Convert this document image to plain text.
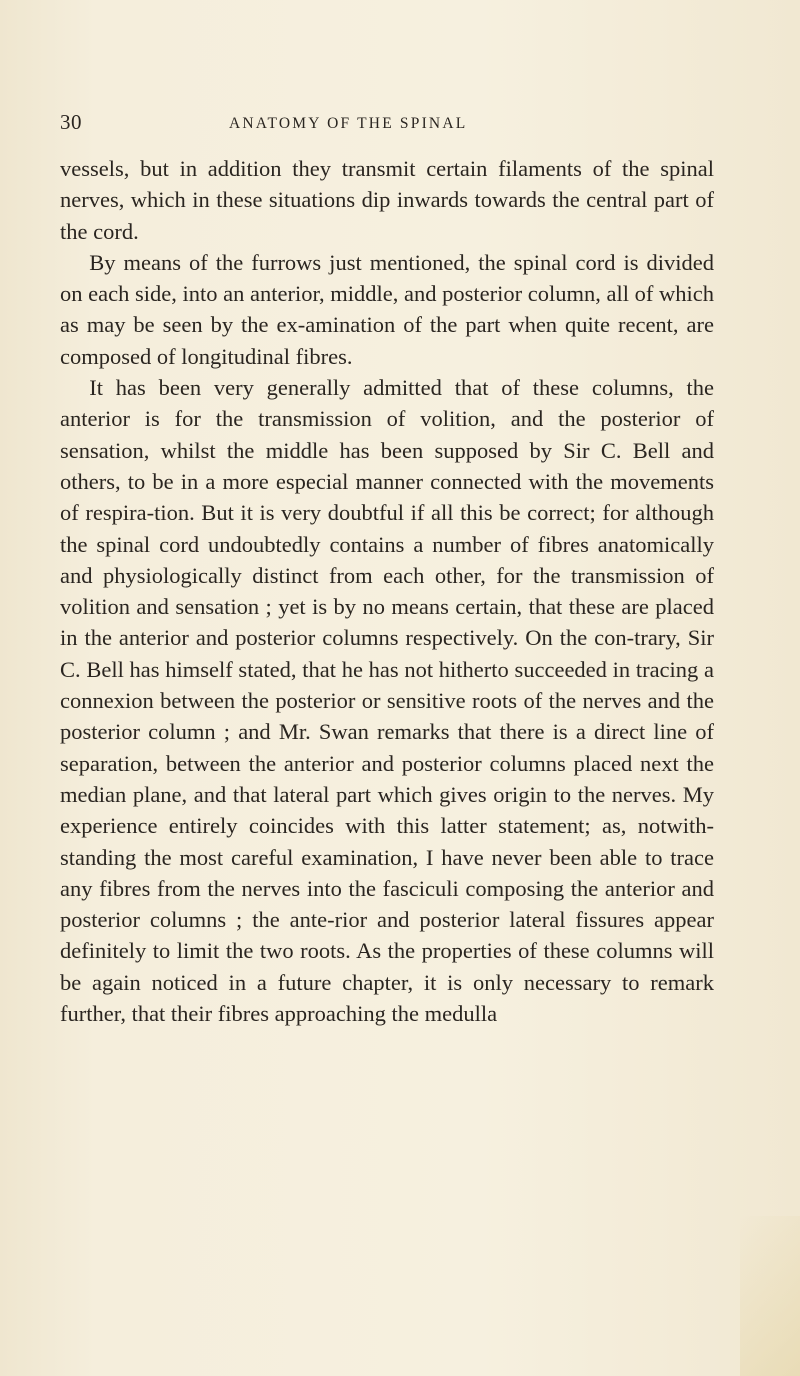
30	ANATOMY OF THE SPINAL

vessels, but in addition they transmit certain filaments of the spinal nerves, which in these situations dip inwards towards the central part of the cord.

By means of the furrows just mentioned, the spinal cord is divided on each side, into an anterior, middle, and posterior column, all of which as may be seen by the ex-amination of the part when quite recent, are composed of longitudinal fibres.

It has been very generally admitted that of these columns, the anterior is for the transmission of volition, and the posterior of sensation, whilst the middle has been supposed by Sir C. Bell and others, to be in a more especial manner connected with the movements of respira-tion. But it is very doubtful if all this be correct; for although the spinal cord undoubtedly contains a number of fibres anatomically and physiologically distinct from each other, for the transmission of volition and sensation ; yet is by no means certain, that these are placed in the anterior and posterior columns respectively. On the con-trary, Sir C. Bell has himself stated, that he has not hitherto succeeded in tracing a connexion between the posterior or sensitive roots of the nerves and the posterior column ; and Mr. Swan remarks that there is a direct line of separation, between the anterior and posterior columns placed next the median plane, and that lateral part which gives origin to the nerves. My experience entirely coincides with this latter statement; as, notwith-standing the most careful examination, I have never been able to trace any fibres from the nerves into the fasciculi composing the anterior and posterior columns ; the ante-rior and posterior lateral fissures appear definitely to limit the two roots. As the properties of these columns will be again noticed in a future chapter, it is only necessary to remark further, that their fibres approaching the medulla
